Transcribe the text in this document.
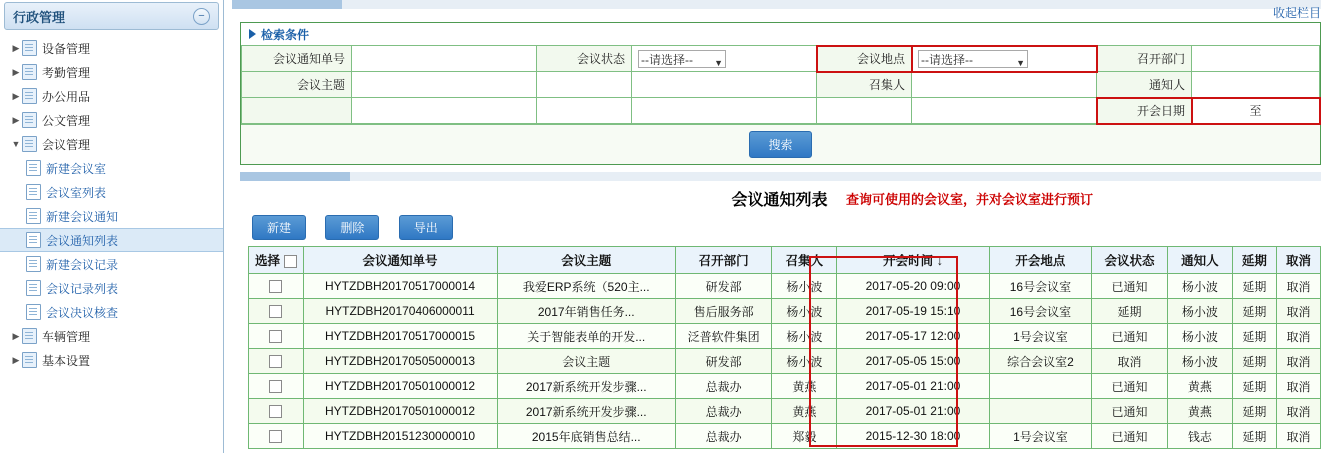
行政管理	−
▶ 设备管理
▶ 考勤管理
▶ 办公用品
▶ 公文管理
▼ 会议管理
新建会议室
会议室列表
新建会议通知
会议通知列表
新建会议记录
会议记录列表
会议决议核查
▶ 车辆管理
▶ 基本设置
收起栏目
检索条件
会议通知单号		会议状态	--请选择-- ▼	会议地点	--请选择-- ▼	召开部门	
会议主题				召集人		通知人	
						开会日期	至
搜索
会议通知列表	查询可使用的会议室，并对会议室进行预订
新建	删除	导出
选择	会议通知单号	会议主题	召开部门	召集人	开会时间 ↓	开会地点	会议状态	通知人	延期	取消
	HYTZDBH20170517000014	我爱ERP系统（520主...	研发部	杨小波	2017-05-20 09:00	16号会议室	已通知	杨小波	延期	取消
	HYTZDBH20170406000011	2017年销售任务...	售后服务部	杨小波	2017-05-19 15:10	16号会议室	延期	杨小波	延期	取消
	HYTZDBH20170517000015	关于智能表单的开发...	泛普软件集团	杨小波	2017-05-17 12:00	1号会议室	已通知	杨小波	延期	取消
	HYTZDBH20170505000013	会议主题	研发部	杨小波	2017-05-05 15:00	综合会议室2	取消	杨小波	延期	取消
	HYTZDBH20170501000012	2017新系统开发步骤...	总裁办	黄燕	2017-05-01 21:00		已通知	黄燕	延期	取消
	HYTZDBH20170501000012	2017新系统开发步骤...	总裁办	黄燕	2017-05-01 21:00		已通知	黄燕	延期	取消
	HYTZDBH20151230000010	2015年底销售总结...	总裁办	郑毅	2015-12-30 18:00	1号会议室	已通知	钱志	延期	取消
